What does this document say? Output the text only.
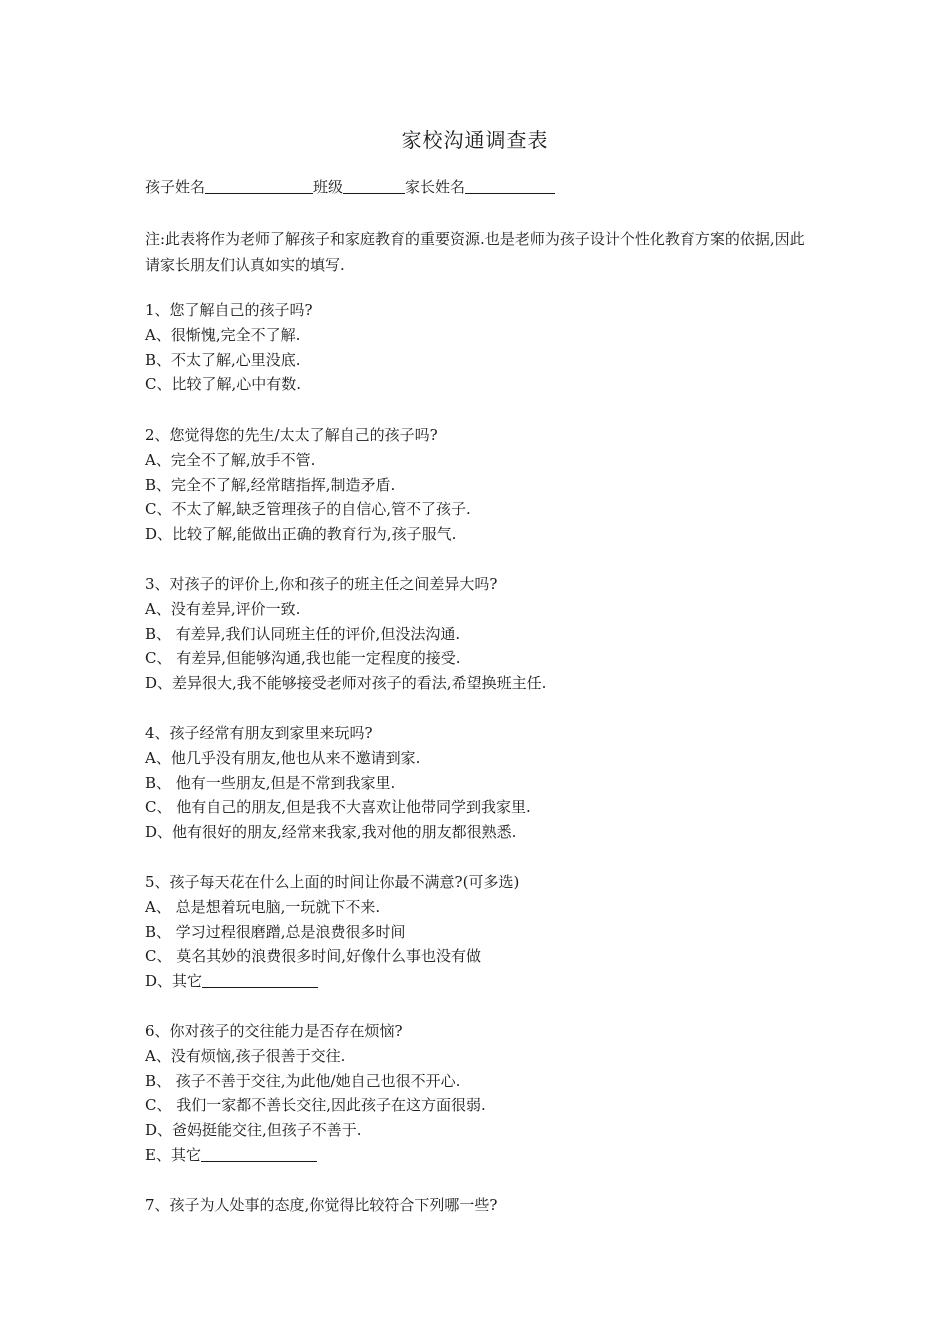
家校沟通调查表
孩子姓名	班级	家长姓名
注:此表将作为老师了解孩子和家庭教育的重要资源.也是老师为孩子设计个性化教育方案的依据,因此请家长朋友们认真如实的填写.
1、您了解自己的孩子吗?
A、很惭愧,完全不了解.
B、不太了解,心里没底.
C、比较了解,心中有数.
2、您觉得您的先生/太太了解自己的孩子吗?
A、完全不了解,放手不管.
B、完全不了解,经常瞎指挥,制造矛盾.
C、不太了解,缺乏管理孩子的自信心,管不了孩子.
D、比较了解,能做出正确的教育行为,孩子服气.
3、对孩子的评价上,你和孩子的班主任之间差异大吗?
A、没有差异,评价一致.
B、 有差异,我们认同班主任的评价,但没法沟通.
C、 有差异,但能够沟通,我也能一定程度的接受.
D、差异很大,我不能够接受老师对孩子的看法,希望换班主任.
4、孩子经常有朋友到家里来玩吗?
A、他几乎没有朋友,他也从来不邀请到家.
B、 他有一些朋友,但是不常到我家里.
C、 他有自己的朋友,但是我不大喜欢让他带同学到我家里.
D、他有很好的朋友,经常来我家,我对他的朋友都很熟悉.
5、孩子每天花在什么上面的时间让你最不满意?(可多选)
A、 总是想着玩电脑,一玩就下不来.
B、 学习过程很磨蹭,总是浪费很多时间
C、 莫名其妙的浪费很多时间,好像什么事也没有做
D、其它
6、你对孩子的交往能力是否存在烦恼?
A、没有烦恼,孩子很善于交往.
B、 孩子不善于交往,为此他/她自己也很不开心.
C、 我们一家都不善长交往,因此孩子在这方面很弱.
D、爸妈挺能交往,但孩子不善于.
E、其它
7、孩子为人处事的态度,你觉得比较符合下列哪一些?
